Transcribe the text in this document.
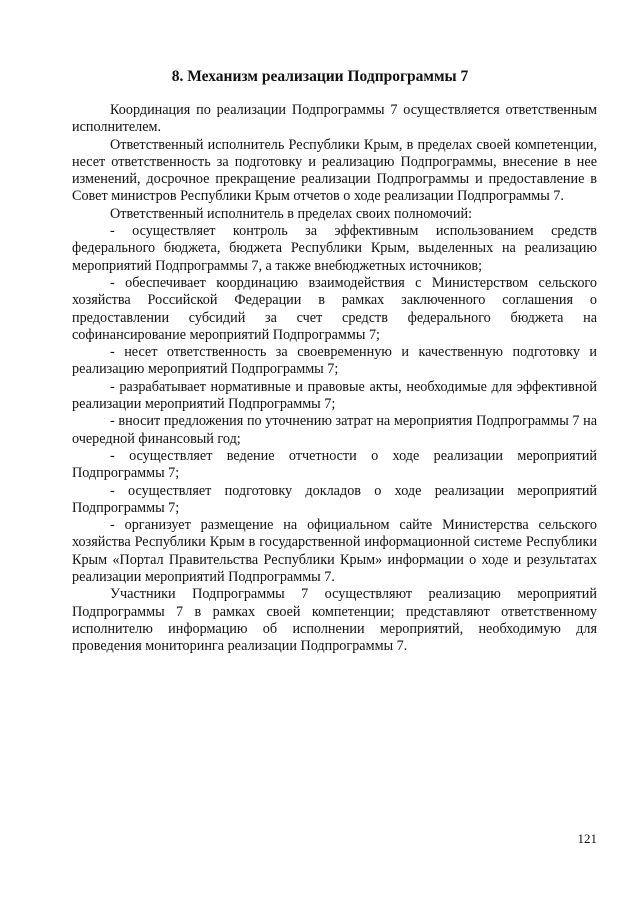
8. Механизм реализации Подпрограммы 7

Координация по реализации Подпрограммы 7 осуществляется ответственным исполнителем.

Ответственный исполнитель Республики Крым, в пределах своей компетенции, несет ответственность за подготовку и реализацию Подпрограммы, внесение в нее изменений, досрочное прекращение реализации Подпрограммы и предоставление в Совет министров Республики Крым отчетов о ходе реализации Подпрограммы 7.

Ответственный исполнитель в пределах своих полномочий:

- осуществляет контроль за эффективным использованием средств федерального бюджета, бюджета Республики Крым, выделенных на реализацию мероприятий Подпрограммы 7, а также внебюджетных источников;

- обеспечивает координацию взаимодействия с Министерством сельского хозяйства Российской Федерации в рамках заключенного соглашения о предоставлении субсидий за счет средств федерального бюджета на софинансирование мероприятий Подпрограммы 7;

- несет ответственность за своевременную и качественную подготовку и реализацию мероприятий Подпрограммы 7;

- разрабатывает нормативные и правовые акты, необходимые для эффективной реализации мероприятий Подпрограммы 7;

- вносит предложения по уточнению затрат на мероприятия Подпрограммы 7 на очередной финансовый год;

- осуществляет ведение отчетности о ходе реализации мероприятий Подпрограммы 7;

- осуществляет подготовку докладов о ходе реализации мероприятий Подпрограммы 7;

- организует размещение на официальном сайте Министерства сельского хозяйства Республики Крым в государственной информационной системе Республики Крым «Портал Правительства Республики Крым» информации о ходе и результатах реализации мероприятий Подпрограммы 7.

Участники Подпрограммы 7 осуществляют реализацию мероприятий Подпрограммы 7 в рамках своей компетенции; представляют ответственному исполнителю информацию об исполнении мероприятий, необходимую для проведения мониторинга реализации Подпрограммы 7.

121
